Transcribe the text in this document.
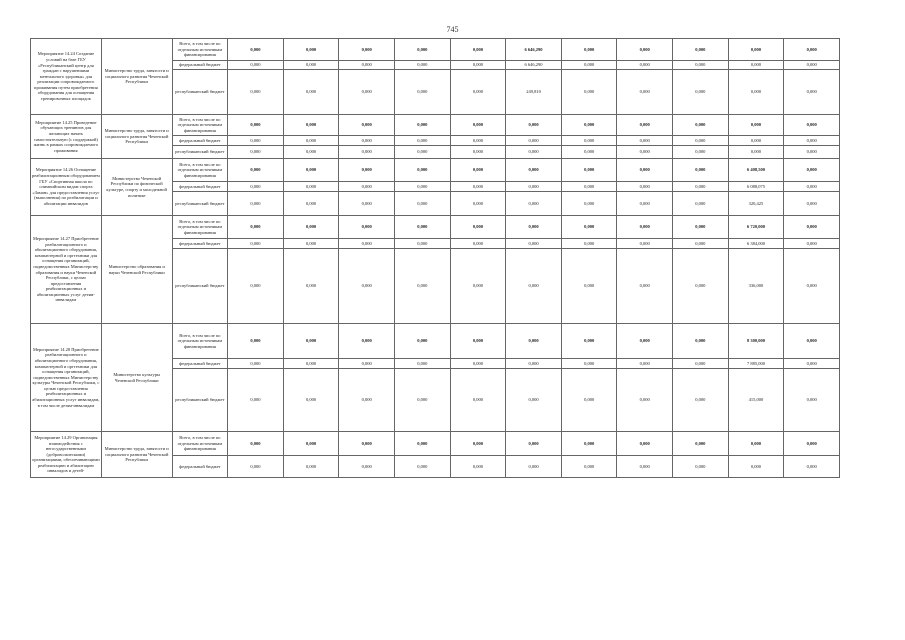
745
Мероприятие 14.24 Создание условий на базе ГБУ «Республиканский центр для граждан с нарушениями ментального здоровья» для реализации сопровождаемого проживания путем приобретения оборудования для оснащения тренировочных площадок	Министерство труда, занятости и социального развития Чеченской Республики	Всего, в том числе по отдельным источникам финансирования	0,000	0,000	0,000	0,000	0,000	6 646,290	0,000	0,000	0,000	0,000	0,000
		федеральный бюджет	0,000	0,000	0,000	0,000	0,000	6 646,290	0,000	0,000	0,000	0,000	0,000
		республиканский бюджет	0,000	0,000	0,000	0,000	0,000	249,810	0,000	0,000	0,000	0,000	0,000
Мероприятие 14.25 Проведение обучающих тренингов для желающих начать самостоятельную (с поддержкой) жизнь в рамках сопровождаемого проживания	Министерство труда, занятости и социального развития Чеченской Республики	Всего, в том числе по отдельным источникам финансирования	0,000	0,000	0,000	0,000	0,000	0,000	0,000	0,000	0,000	0,000	0,000
		федеральный бюджет	0,000	0,000	0,000	0,000	0,000	0,000	0,000	0,000	0,000	0,000	0,000
		республиканский бюджет	0,000	0,000	0,000	0,000	0,000	0,000	0,000	0,000	0,000	0,000	0,000
Мероприятие 14.26 Оснащение реабилитационным оборудованием ГБУ «Спортивная школа по олимпийским видам спорта «Заман» для предоставления услуг (выполнения) по реабилитации и абилитации инвалидов	Министерство Чеченской Республики по физической культуре, спорту и молодежной политике	Всего, в том числе по отдельным источникам финансирования	0,000	0,000	0,000	0,000	0,000	0,000	0,000	0,000	0,000	6 408,500	0,000
		федеральный бюджет	0,000	0,000	0,000	0,000	0,000	0,000	0,000	0,000	0,000	6 088,075	0,000
		республиканский бюджет	0,000	0,000	0,000	0,000	0,000	0,000	0,000	0,000	0,000	320,425	0,000
Мероприятие 14.27 Приобретение реабилитационного и абилитационного оборудования, компьютерной и оргтехники для оснащения организаций, подведомственных Министерству образования и науки Чеченской Республики, с целью предоставления реабилитационных и абилитационных услуг детям-инвалидам	Министерство образования и науки Чеченской Республики	Всего, в том числе по отдельным источникам финансирования	0,000	0,000	0,000	0,000	0,000	0,000	0,000	0,000	0,000	6 720,000	0,000
		федеральный бюджет	0,000	0,000	0,000	0,000	0,000	0,000	0,000	0,000	0,000	6 384,000	0,000
		республиканский бюджет	0,000	0,000	0,000	0,000	0,000	0,000	0,000	0,000	0,000	336,000	0,000
Мероприятие 14.28 Приобретение реабилитационного и абилитационного оборудования, компьютерной и оргтехники для оснащения организаций, подведомственных Министерству культуры Чеченской Республики, с целью предоставления реабилитационных и абилитационных услуг инвалидам, в том числе детям-инвалидам	Министерство культуры Чеченской Республики	Всего, в том числе по отдельным источникам финансирования	0,000	0,000	0,000	0,000	0,000	0,000	0,000	0,000	0,000	8 300,000	0,000
		федеральный бюджет	0,000	0,000	0,000	0,000	0,000	0,000	0,000	0,000	0,000	7 885,000	0,000
		республиканский бюджет	0,000	0,000	0,000	0,000	0,000	0,000	0,000	0,000	0,000	415,000	0,000
Мероприятие 14.29 Организация взаимодействия с негосударственными (добровольческими) организациями, обеспечивающими реабилитацию и абилитацию инвалидов и детей-	Министерство труда, занятости и социального развития Чеченской Республики	Всего, в том числе по отдельным источникам финансирования	0,000	0,000	0,000	0,000	0,000	0,000	0,000	0,000	0,000	0,000	0,000
		федеральный бюджет	0,000	0,000	0,000	0,000	0,000	0,000	0,000	0,000	0,000	0,000	0,000
